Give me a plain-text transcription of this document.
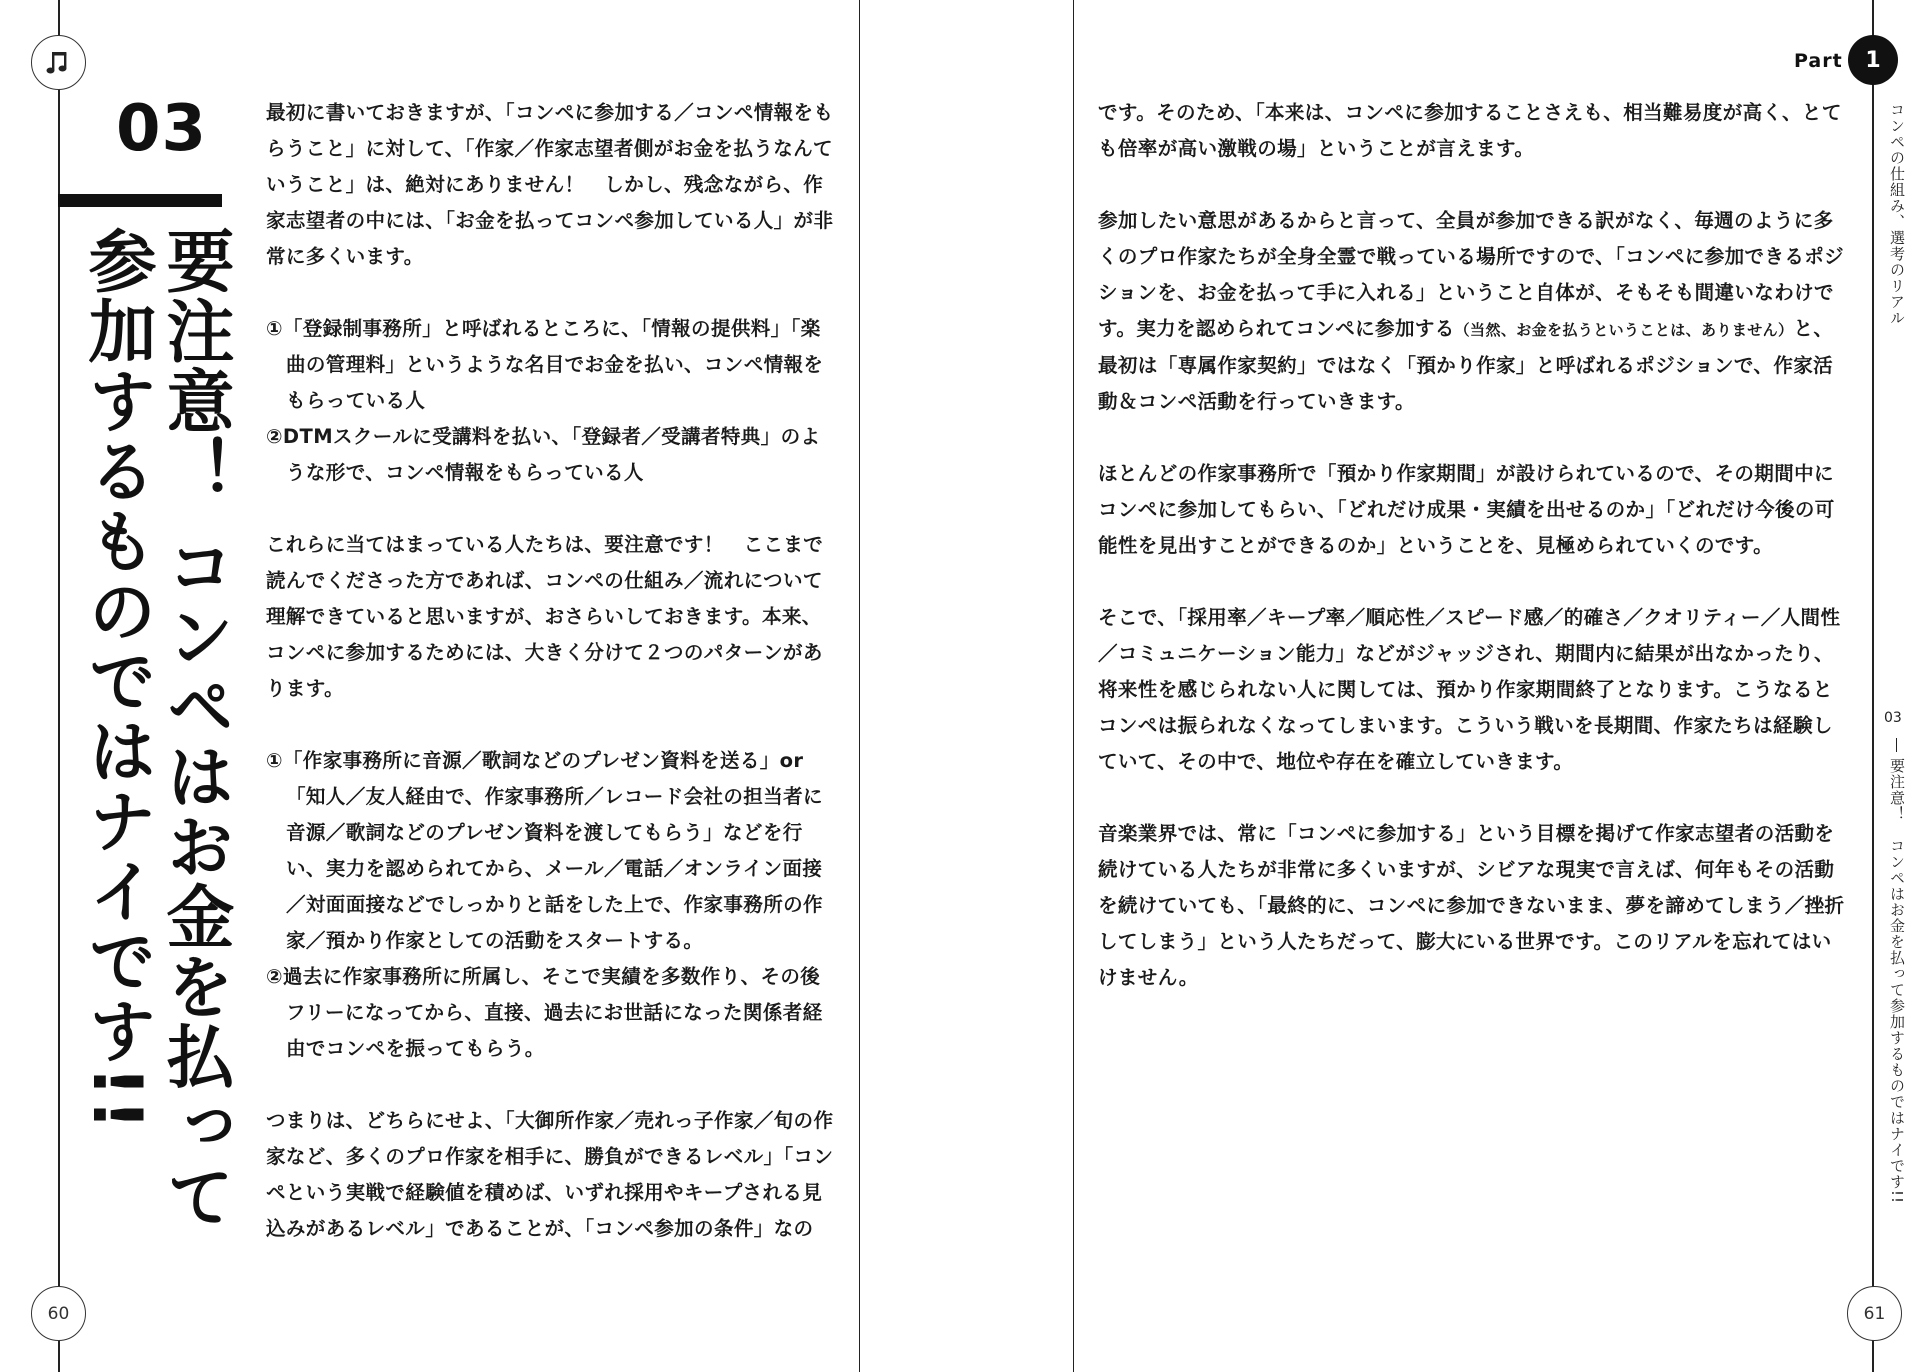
03
要注意！ コンペはお金を払って参加するものではナイです!!

最初に書いておきますが、「コンペに参加する／コンペ情報をもらうこと」に対して、「作家／作家志望者側がお金を払うなんていうこと」は、絶対にありません！　しかし、残念ながら、作家志望者の中には、「お金を払ってコンペ参加している人」が非常に多くいます。

①「登録制事務所」と呼ばれるところに、「情報の提供料」「楽曲の管理料」というような名目でお金を払い、コンペ情報をもらっている人

②DTMスクールに受講料を払い、「登録者／受講者特典」のような形で、コンペ情報をもらっている人

これらに当てはまっている人たちは、要注意です！　ここまで読んでくださった方であれば、コンペの仕組み／流れについて理解できていると思いますが、おさらいしておきます。本来、コンペに参加するためには、大きく分けて２つのパターンがあります。

①「作家事務所に音源／歌詞などのプレゼン資料を送る」or「知人／友人経由で、作家事務所／レコード会社の担当者に音源／歌詞などのプレゼン資料を渡してもらう」などを行い、実力を認められてから、メール／電話／オンライン面接／対面面接などでしっかりと話をした上で、作家事務所の作家／預かり作家としての活動をスタートする。

②過去に作家事務所に所属し、そこで実績を多数作り、その後フリーになってから、直接、過去にお世話になった関係者経由でコンペを振ってもらう。

つまりは、どちらにせよ、「大御所作家／売れっ子作家／旬の作家など、多くのプロ作家を相手に、勝負ができるレベル」「コンペという実戦で経験値を積めば、いずれ採用やキープされる見込みがあるレベル」であることが、「コンペ参加の条件」なの

60
Part 1
コンペの仕組み、選考のリアル
03
要注意！　コンペはお金を払って参加するものではナイです!!

です。そのため、「本来は、コンペに参加することさえも、相当難易度が高く、とても倍率が高い激戦の場」ということが言えます。

参加したい意思があるからと言って、全員が参加できる訳がなく、毎週のように多くのプロ作家たちが全身全霊で戦っている場所ですので、「コンペに参加できるポジションを、お金を払って手に入れる」ということ自体が、そもそも間違いなわけです。実力を認められてコンペに参加する（当然、お金を払うということは、ありません）と、最初は「専属作家契約」ではなく「預かり作家」と呼ばれるポジションで、作家活動＆コンペ活動を行っていきます。

ほとんどの作家事務所で「預かり作家期間」が設けられているので、その期間中にコンペに参加してもらい、「どれだけ成果・実績を出せるのか」「どれだけ今後の可能性を見出すことができるのか」ということを、見極められていくのです。

そこで、「採用率／キープ率／順応性／スピード感／的確さ／クオリティー／人間性／コミュニケーション能力」などがジャッジされ、期間内に結果が出なかったり、将来性を感じられない人に関しては、預かり作家期間終了となります。こうなるとコンペは振られなくなってしまいます。こういう戦いを長期間、作家たちは経験していて、その中で、地位や存在を確立していきます。

音楽業界では、常に「コンペに参加する」という目標を掲げて作家志望者の活動を続けている人たちが非常に多くいますが、シビアな現実で言えば、何年もその活動を続けていても、「最終的に、コンペに参加できないまま、夢を諦めてしまう／挫折してしまう」という人たちだって、膨大にいる世界です。このリアルを忘れてはいけません。

61
